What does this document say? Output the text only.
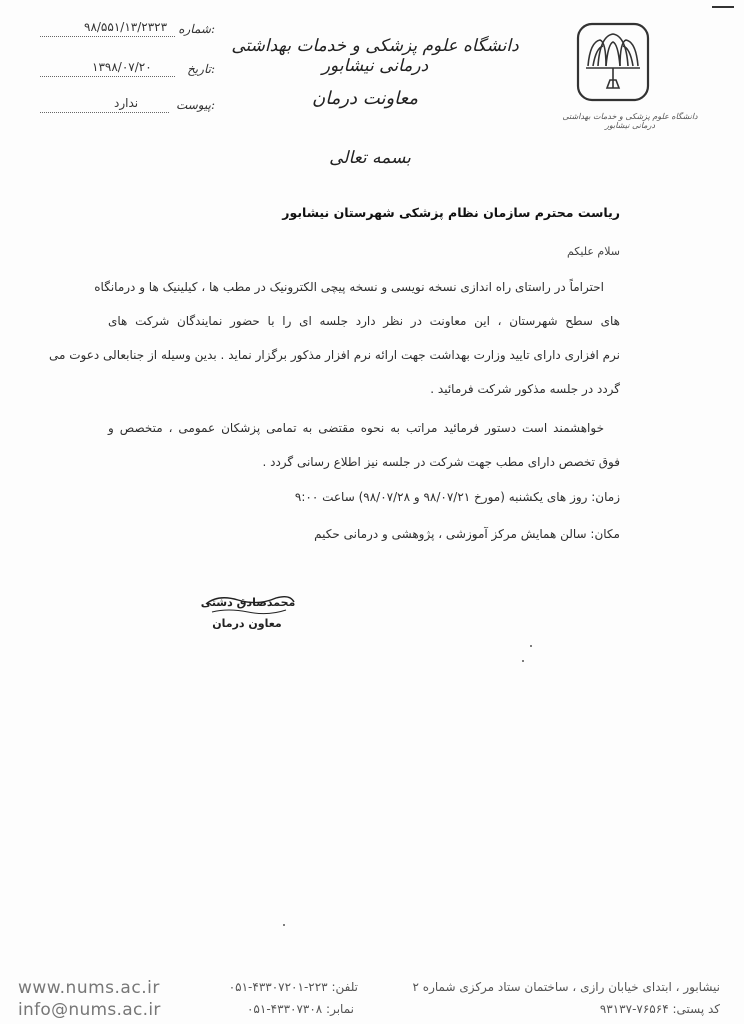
دانشگاه علوم پزشکی و خدمات بهداشتی درمانی نیشابور
دانشگاه علوم پزشکی و خدمات بهداشتی درمانی نیشابور
معاونت درمان
بسمه تعالی
شماره:
۹۸/۵۵۱/۱۳/۲۳۲۳
تاریخ:
۱۳۹۸/۰۷/۲۰
پیوست:
ندارد
ریاست محترم سازمان نظام پزشکی شهرستان نیشابور
سلام علیکم
احتراماً در راستای راه اندازی نسخه نویسی و نسخه پیچی الکترونیک در مطب ها ، کیلینیک ها و درمانگاه
های سطح شهرستان ، این معاونت در نظر دارد جلسه ای را با حضور نمایندگان شرکت های
نرم افزاری دارای تایید وزارت بهداشت جهت ارائه نرم افزار مذکور برگزار نماید . بدین وسیله از جنابعالی دعوت می
گردد در جلسه مذکور شرکت فرمائید .
خواهشمند است دستور فرمائید مراتب به نحوه مقتضی به تمامی پزشکان عمومی ، متخصص و
فوق تخصص دارای مطب جهت شرکت در جلسه نیز اطلاع رسانی گردد .
زمان: روز های یکشنبه (مورخ ۹۸/۰۷/۲۱ و ۹۸/۰۷/۲۸) ساعت ۹:۰۰
مکان: سالن همایش مرکز آموزشی ، پژوهشی و درمانی حکیم
محمدصادق دشتی
معاون درمان
www.nums.ac.ir
info@nums.ac.ir
تلفن: ۲۲۳-۴۳۳۰۷۲۰۱-۰۵۱
نمابر: ۴۳۳۰۷۳۰۸-۰۵۱
نیشابور ، ابتدای خیابان رازی ، ساختمان ستاد مرکزی شماره ۲
کد پستی: ۷۶۵۶۴-۹۳۱۳۷
